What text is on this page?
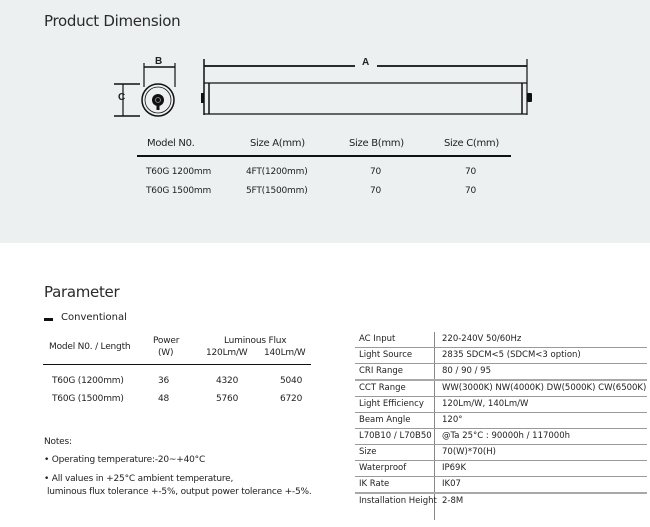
Product Dimension
B
C
A
Model N0.	Size A(mm)	Size B(mm)	Size C(mm)
T60G 1200mm	4FT(1200mm)	70	70
T60G 1500mm	5FT(1500mm)	70	70
Parameter
Conventional
Model N0. / Length
Power
(W)
Luminous Flux
120Lm/W 140Lm/W
T60G (1200mm)	36	4320	5040
T60G (1500mm)	48	5760	6720
Notes:
• Operating temperature:-20~+40°C
• All values in +25°C ambient temperature,
luminous flux tolerance +-5%, output power tolerance +-5%.
AC Input	220-240V 50/60Hz
Light Source	2835 SDCM<5 (SDCM<3 option)
CRI Range	80 / 90 / 95
CCT Range	WW(3000K) NW(4000K) DW(5000K) CW(6500K)
Light Efficiency 120Lm/W, 140Lm/W
Beam Angle	120°
L70B10 / L70B50 @Ta 25°C : 90000h / 117000h
Size	70(W)*70(H)
Waterproof	IP69K
IK Rate	IK07
Installation Height 2-8M
